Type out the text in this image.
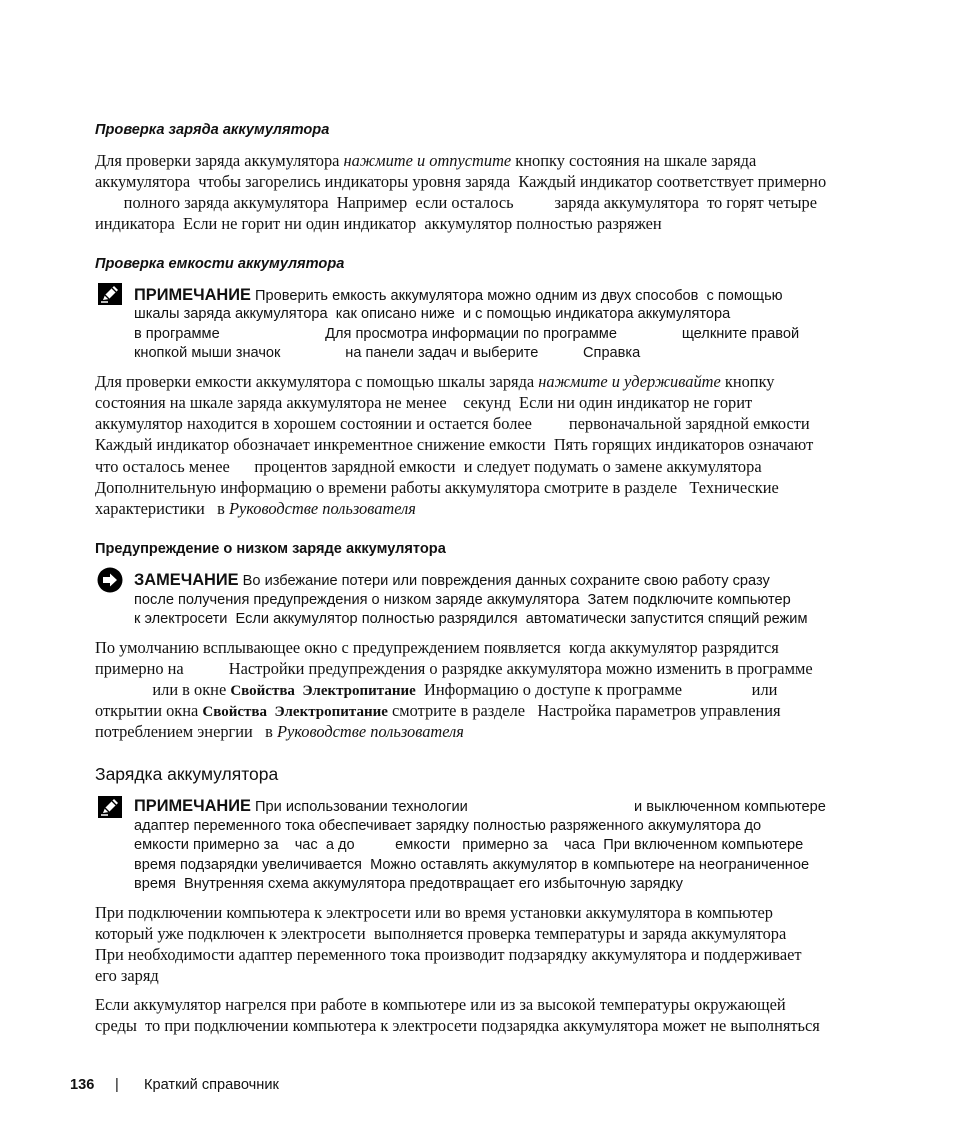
Проверка заряда аккумулятора
Для проверки заряда аккумулятора нажмите и отпустите кнопку состояния на шкале заряда
аккумулятора  чтобы загорелись индикаторы уровня заряда  Каждый индикатор соответствует примерно
полного заряда аккумулятора  Например  если осталось          заряда аккумулятора  то горят четыре
индикатора  Если не горит ни один индикатор  аккумулятор полностью разряжен
Проверка емкости аккумулятора
ПРИМЕЧАНИЕ Проверить емкость аккумулятора можно одним из двух способов  с помощью
шкалы заряда аккумулятора  как описано ниже  и с помощью индикатора аккумулятора
в программе                          Для просмотра информации по программе                щелкните правой
кнопкой мыши значок                на панели задач и выберите           Справка
Для проверки емкости аккумулятора с помощью шкалы заряда нажмите и удерживайте кнопку
состояния на шкале заряда аккумулятора не менее    секунд  Если ни один индикатор не горит
аккумулятор находится в хорошем состоянии и остается более         первоначальной зарядной емкости
Каждый индикатор обозначает инкрементное снижение емкости  Пять горящих индикаторов означают
что осталось менее      процентов зарядной емкости  и следует подумать о замене аккумулятора
Дополнительную информацию о времени работы аккумулятора смотрите в разделе   Технические
характеристики   в Руководстве пользователя
Предупреждение о низком заряде аккумулятора
ЗАМЕЧАНИЕ Во избежание потери или повреждения данных сохраните свою работу сразу
после получения предупреждения о низком заряде аккумулятора  Затем подключите компьютер
к электросети  Если аккумулятор полностью разрядился  автоматически запустится спящий режим
По умолчанию всплывающее окно с предупреждением появляется  когда аккумулятор разрядится
примерно на           Настройки предупреждения о разрядке аккумулятора можно изменить в программе
или в окне Свойства  Электропитание  Информацию о доступе к программе                 или
открытии окна Свойства  Электропитание смотрите в разделе   Настройка параметров управления
потреблением энергии   в Руководстве пользователя
Зарядка аккумулятора
ПРИМЕЧАНИЕ При использовании технологии                                         и выключенном компьютере
адаптер переменного тока обеспечивает зарядку полностью разряженного аккумулятора до
емкости примерно за    час  а до          емкости   примерно за    часа  При включенном компьютере
время подзарядки увеличивается  Можно оставлять аккумулятор в компьютере на неограниченное
время  Внутренняя схема аккумулятора предотвращает его избыточную зарядку
При подключении компьютера к электросети или во время установки аккумулятора в компьютер
который уже подключен к электросети  выполняется проверка температуры и заряда аккумулятора
При необходимости адаптер переменного тока производит подзарядку аккумулятора и поддерживает
его заряд
Если аккумулятор нагрелся при работе в компьютере или из за высокой температуры окружающей
среды  то при подключении компьютера к электросети подзарядка аккумулятора может не выполняться
136 | Краткий справочник
